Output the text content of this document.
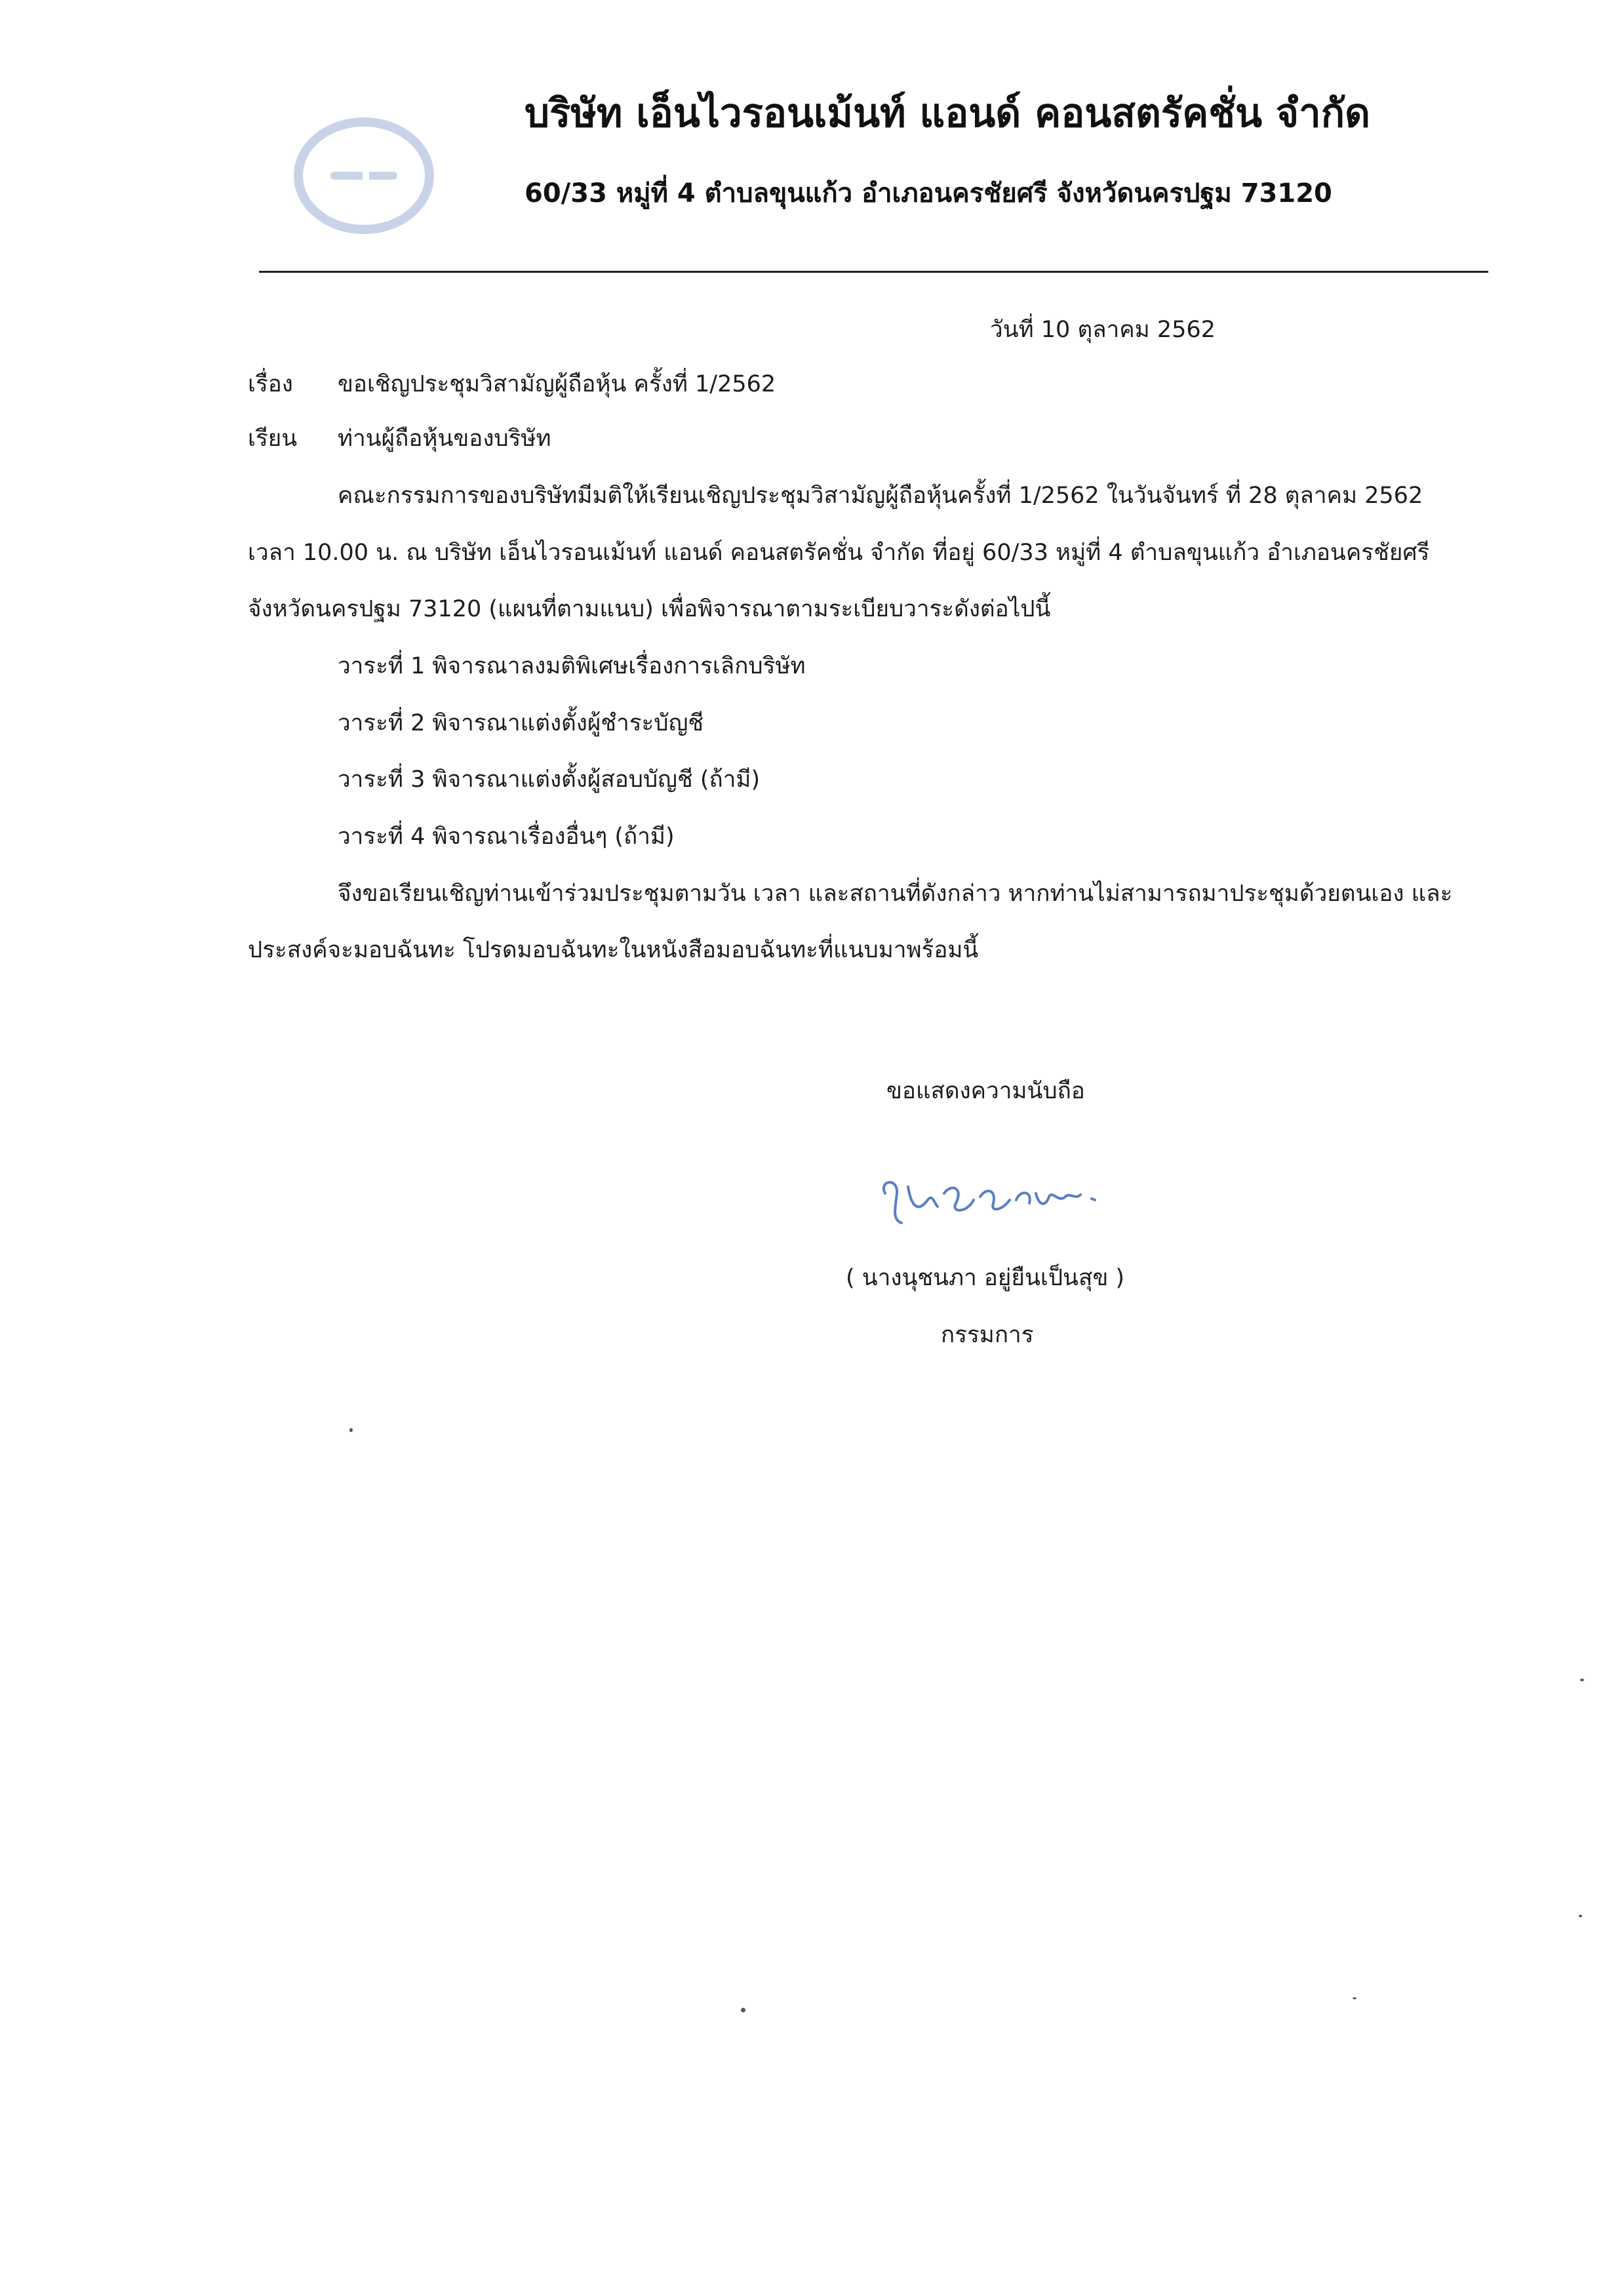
บริษัท เอ็นไวรอนเม้นท์ แอนด์ คอนสตรัคชั่น จำกัด
60/33 หมู่ที่ 4 ตำบลขุนแก้ว อำเภอนครชัยศรี จังหวัดนครปฐม 73120
วันที่ 10 ตุลาคม 2562
เรื่อง ขอเชิญประชุมวิสามัญผู้ถือหุ้น ครั้งที่ 1/2562
เรียน ท่านผู้ถือหุ้นของบริษัท
คณะกรรมการของบริษัทมีมติให้เรียนเชิญประชุมวิสามัญผู้ถือหุ้นครั้งที่ 1/2562 ในวันจันทร์ ที่ 28 ตุลาคม 2562
เวลา 10.00 น. ณ บริษัท เอ็นไวรอนเม้นท์ แอนด์ คอนสตรัคชั่น จำกัด ที่อยู่ 60/33 หมู่ที่ 4 ตำบลขุนแก้ว อำเภอนครชัยศรี
จังหวัดนครปฐม 73120 (แผนที่ตามแนบ) เพื่อพิจารณาตามระเบียบวาระดังต่อไปนี้
วาระที่ 1 พิจารณาลงมติพิเศษเรื่องการเลิกบริษัท
วาระที่ 2 พิจารณาแต่งตั้งผู้ชำระบัญชี
วาระที่ 3 พิจารณาแต่งตั้งผู้สอบบัญชี (ถ้ามี)
วาระที่ 4 พิจารณาเรื่องอื่นๆ (ถ้ามี)
จึงขอเรียนเชิญท่านเข้าร่วมประชุมตามวัน เวลา และสถานที่ดังกล่าว หากท่านไม่สามารถมาประชุมด้วยตนเอง และ
ประสงค์จะมอบฉันทะ โปรดมอบฉันทะในหนังสือมอบฉันทะที่แนบมาพร้อมนี้
ขอแสดงความนับถือ
( นางนุชนภา อยู่ยืนเป็นสุข )
กรรมการ
